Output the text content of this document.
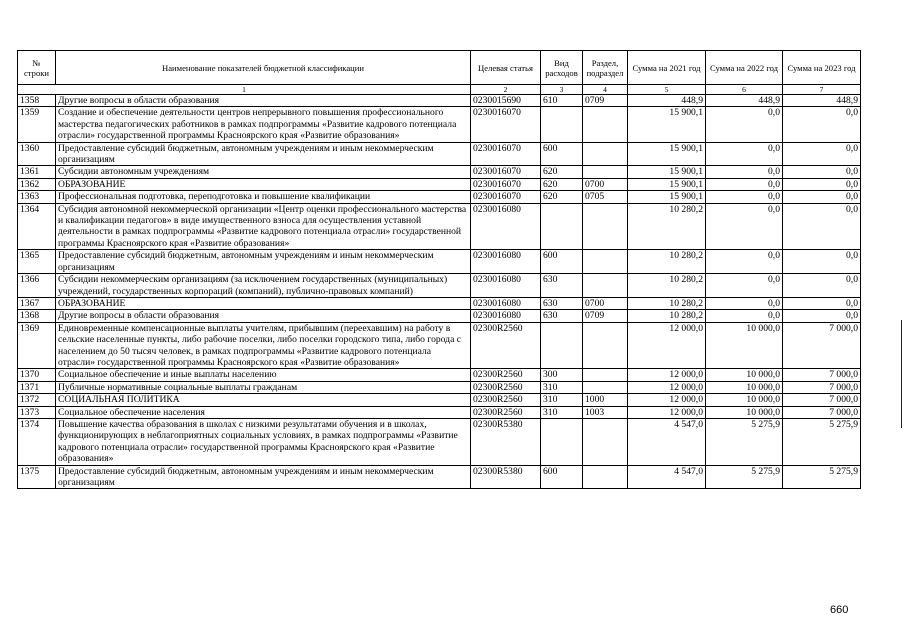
№ строки	Наименование показателей бюджетной классификации	Целевая статья	Вид расходов	Раздел, подраздел	Сумма на 2021 год	Сумма на 2022 год	Сумма на 2023 год
1		2	3	4	5	6	7
1358	Другие вопросы в области образования	0230015690	610	0709	448,9	448,9	448,9
1359	Создание и обеспечение деятельности центров непрерывного повышения профессионального мастерства педагогических работников в рамках подпрограммы «Развитие кадрового потенциала отрасли» государственной программы Красноярского края «Развитие образования»	0230016070			15 900,1	0,0	0,0
1360	Предоставление субсидий бюджетным, автономным учреждениям и иным некоммерческим организациям	0230016070	600		15 900,1	0,0	0,0
1361	Субсидии автономным учреждениям	0230016070	620		15 900,1	0,0	0,0
1362	ОБРАЗОВАНИЕ	0230016070	620	0700	15 900,1	0,0	0,0
1363	Профессиональная подготовка, переподготовка и повышение квалификации	0230016070	620	0705	15 900,1	0,0	0,0
1364	Субсидия автономной некоммерческой организации «Центр оценки профессионального мастерства и квалификации педагогов» в виде имущественного взноса для осуществления уставной деятельности в рамках подпрограммы «Развитие кадрового потенциала отрасли» государственной программы Красноярского края «Развитие образования»	0230016080			10 280,2	0,0	0,0
1365	Предоставление субсидий бюджетным, автономным учреждениям и иным некоммерческим организациям	0230016080	600		10 280,2	0,0	0,0
1366	Субсидии некоммерческим организациям (за исключением государственных (муниципальных) учреждений, государственных корпораций (компаний), публично-правовых компаний)	0230016080	630		10 280,2	0,0	0,0
1367	ОБРАЗОВАНИЕ	0230016080	630	0700	10 280,2	0,0	0,0
1368	Другие вопросы в области образования	0230016080	630	0709	10 280,2	0,0	0,0
1369	Единовременные компенсационные выплаты учителям, прибывшим (переехавшим) на работу в сельские населенные пункты, либо рабочие поселки, либо поселки городского типа, либо города с населением до 50 тысяч человек, в рамках подпрограммы «Развитие кадрового потенциала отрасли» государственной программы Красноярского края «Развитие образования»	02300R2560			12 000,0	10 000,0	7 000,0
1370	Социальное обеспечение и иные выплаты населению	02300R2560	300		12 000,0	10 000,0	7 000,0
1371	Публичные нормативные социальные выплаты гражданам	02300R2560	310		12 000,0	10 000,0	7 000,0
1372	СОЦИАЛЬНАЯ ПОЛИТИКА	02300R2560	310	1000	12 000,0	10 000,0	7 000,0
1373	Социальное обеспечение населения	02300R2560	310	1003	12 000,0	10 000,0	7 000,0
1374	Повышение качества образования в школах с низкими результатами обучения и в школах, функционирующих в неблагоприятных социальных условиях, в рамках подпрограммы «Развитие кадрового потенциала отрасли» государственной программы Красноярского края «Развитие образования»	02300R5380			4 547,0	5 275,9	5 275,9
1375	Предоставление субсидий бюджетным, автономным учреждениям и иным некоммерческим организациям	02300R5380	600		4 547,0	5 275,9	5 275,9
660
